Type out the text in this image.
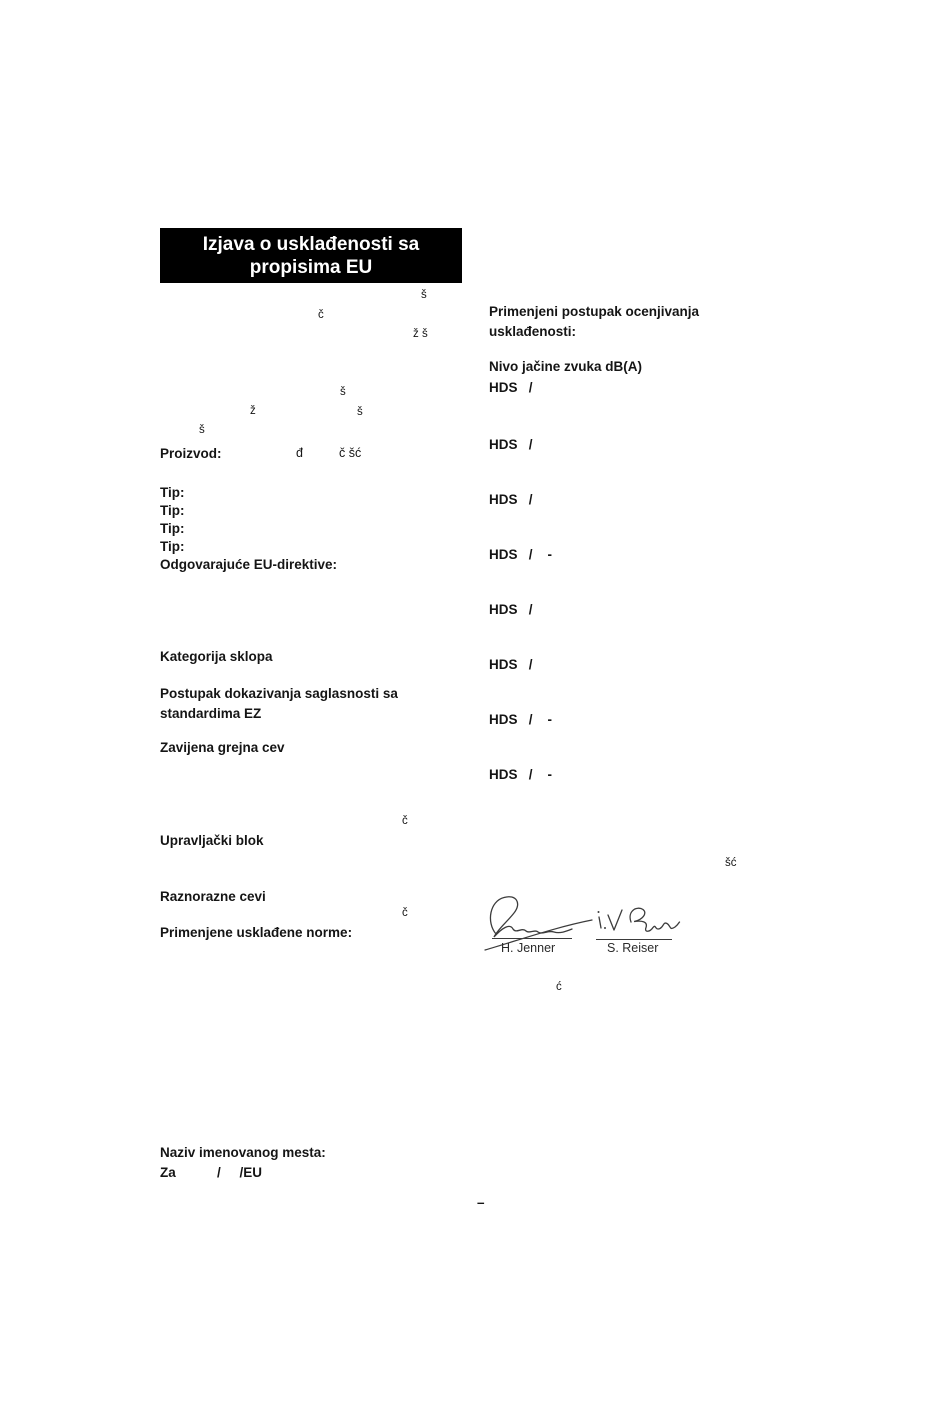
Izjava o usklađenosti sa
propisima EU
š
č
ž š
š
ž	š
š
đ	č šć
č
č
šć
ć
Proizvod:
Tip:
Tip:
Tip:
Tip:
Odgovarajuće EU-direktive:
Kategorija sklopa
Postupak dokazivanja saglasnosti sa
standardima EZ
Zavijena grejna cev
Upravljački blok
Raznorazne cevi
Primenjene usklađene norme:
Naziv imenovanog mesta:
Za           /     /EU
Primenjeni postupak ocenjivanja
usklađenosti:
Nivo jačine zvuka dB(A)
HDS   /
HDS   /
HDS   /
HDS   /    -
HDS   /
HDS   /
HDS   /    -
HDS   /    -
H. Jenner	S. Reiser
–
